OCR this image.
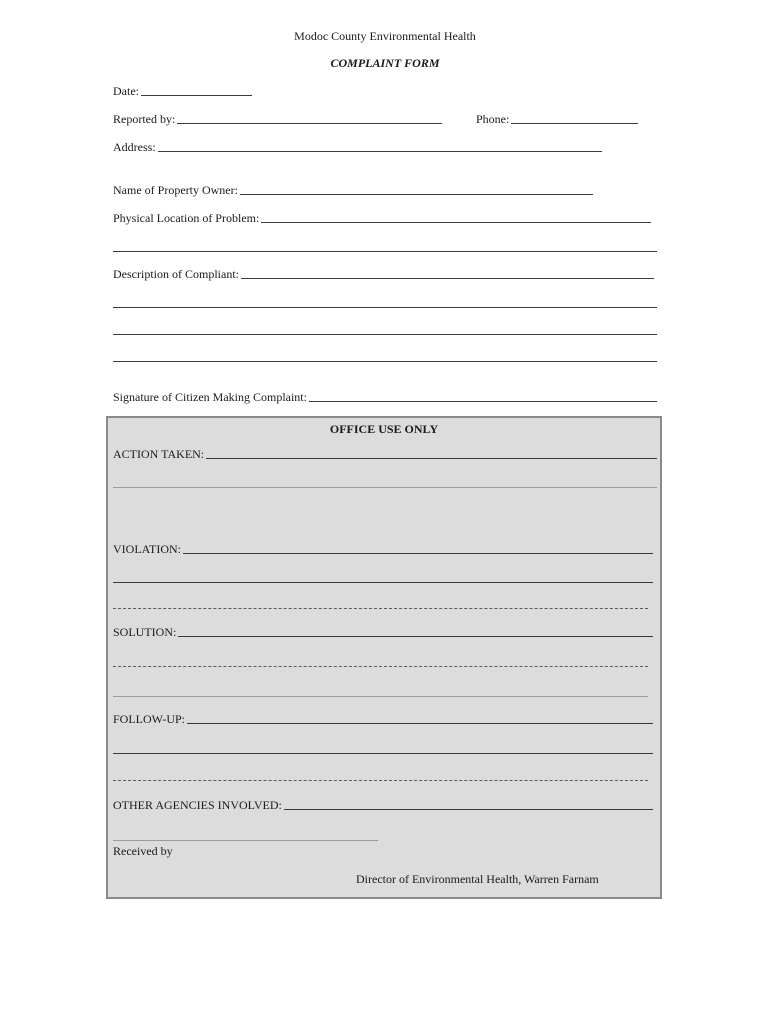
Modoc County Environmental Health
COMPLAINT FORM
Date:
Reported by:	Phone:
Address:
Name of Property Owner:
Physical Location of Problem:
Description of Compliant:
Signature of Citizen Making Complaint:
OFFICE USE ONLY
ACTION TAKEN:
VIOLATION:
SOLUTION:
FOLLOW-UP:
OTHER AGENCIES INVOLVED:
Received by
Director of Environmental Health, Warren Farnam
